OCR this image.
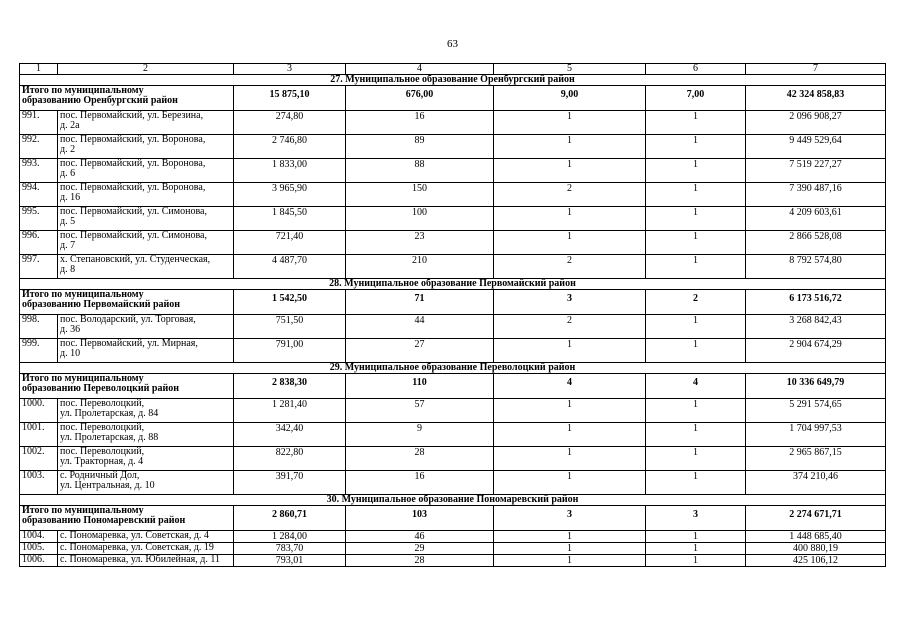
63
1	2	3	4	5	6	7
27. Муниципальное образование Оренбургский район						

Итого по муниципальному
образованию Оренбургский район		15 875,10	676,00	9,00	7,00	42 324 858,83
991.	пос. Первомайский, ул. Березина,
д. 2а	274,80	16	1	1	2 096 908,27
992.	пос. Первомайский, ул. Воронова,
д. 2	2 746,80	89	1	1	9 449 529,64
993.	пос. Первомайский, ул. Воронова,
д. 6	1 833,00	88	1	1	7 519 227,27
994.	пос. Первомайский, ул. Воронова,
д. 16	3 965,90	150	2	1	7 390 487,16
995.	пос. Первомайский, ул. Симонова,
д. 5	1 845,50	100	1	1	4 209 603,61
996.	пос. Первомайский, ул. Симонова,
д. 7	721,40	23	1	1	2 866 528,08
997.	х. Степановский, ул. Студенческая,
д. 8	4 487,70	210	2	1	8 792 574,80
28. Муниципальное образование Первомайский район						

Итого по муниципальному
образованию Первомайский район		1 542,50	71	3	2	6 173 516,72
998.	пос. Володарский, ул. Торговая,
д. 36	751,50	44	2	1	3 268 842,43
999.	пос. Первомайский, ул. Мирная,
д. 10	791,00	27	1	1	2 904 674,29
29. Муниципальное образование Переволоцкий район						

Итого по муниципальному
образованию Переволоцкий район		2 838,30	110	4	4	10 336 649,79
1000.	пос. Переволоцкий,
ул. Пролетарская, д. 84	1 281,40	57	1	1	5 291 574,65
1001.	пос. Переволоцкий,
ул. Пролетарская, д. 88	342,40	9	1	1	1 704 997,53
1002.	пос. Переволоцкий,
ул. Тракторная, д. 4	822,80	28	1	1	2 965 867,15
1003.	с. Родничный Дол,
ул. Центральная, д. 10	391,70	16	1	1	374 210,46
30. Муниципальное образование Пономаревский район						

Итого по муниципальному
образованию Пономаревский район		2 860,71	103	3	3	2 274 671,71
1004.	с. Пономаревка, ул. Советская, д. 4	1 284,00	46	1	1	1 448 685,40
1005.	с. Пономаревка, ул. Советская, д. 19	783,70	29	1	1	400 880,19
1006.	с. Пономаревка, ул. Юбилейная, д. 11	793,01	28	1	1	425 106,12
